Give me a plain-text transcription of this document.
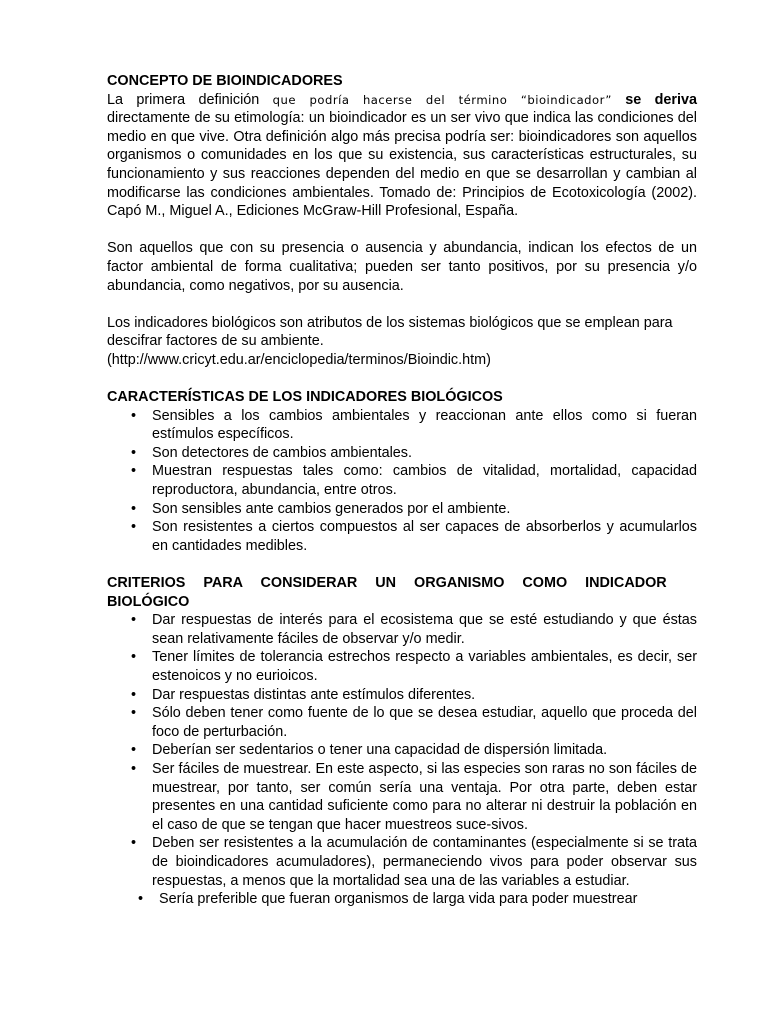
CONCEPTO DE BIOINDICADORES

La primera definición que podría hacerse del término “bioindicador” se deriva

directamente de su etimología: un bioindicador es un ser vivo que indica las condiciones del medio en que vive. Otra definición algo más precisa podría ser: bioindicadores son aquellos organismos o comunidades en los que su existencia, sus características estructurales, su funcionamiento y sus reacciones dependen del medio en que se desarrollan y cambian al modificarse las condiciones ambientales. Tomado de: Principios de Ecotoxicología (2002). Capó M., Miguel A., Ediciones McGraw-Hill Profesional, España.

Son aquellos que con su presencia o ausencia y abundancia, indican los efectos de un factor ambiental de forma cualitativa; pueden ser tanto positivos, por su presencia y/o abundancia, como negativos, por su ausencia.

Los indicadores biológicos son atributos de los sistemas biológicos que se emplean para descifrar factores de su ambiente.

(http://www.cricyt.edu.ar/enciclopedia/terminos/Bioindic.htm)

CARACTERÍSTICAS DE LOS INDICADORES BIOLÓGICOS
• Sensibles a los cambios ambientales y reaccionan ante ellos como si fueran estímulos específicos.
• Son detectores de cambios ambientales.
• Muestran respuestas tales como: cambios de vitalidad, mortalidad, capacidad reproductora, abundancia, entre otros.
• Son sensibles ante cambios generados por el ambiente.
• Son resistentes a ciertos compuestos al ser capaces de absorberlos y acumularlos en cantidades medibles.
CRITERIOS PARA CONSIDERAR UN ORGANISMO COMO INDICADOR
BIOLÓGICO
• Dar respuestas de interés para el ecosistema que se esté estudiando y que éstas sean relativamente fáciles de observar y/o medir.
• Tener límites de tolerancia estrechos respecto a variables ambientales, es decir, ser estenoicos y no eurioicos.
• Dar respuestas distintas ante estímulos diferentes.
• Sólo deben tener como fuente de lo que se desea estudiar, aquello que proceda del foco de perturbación.
• Deberían ser sedentarios o tener una capacidad de dispersión limitada.
• Ser fáciles de muestrear. En este aspecto, si las especies son raras no son fáciles de muestrear, por tanto, ser común sería una ventaja. Por otra parte, deben estar presentes en una cantidad suficiente como para no alterar ni destruir la población en el caso de que se tengan que hacer muestreos suce-sivos.
• Deben ser resistentes a la acumulación de contaminantes (especialmente si se trata de bioindicadores acumuladores), permaneciendo vivos para poder observar sus respuestas, a menos que la mortalidad sea una de las variables a estudiar.
• Sería preferible que fueran organismos de larga vida para poder muestrear
